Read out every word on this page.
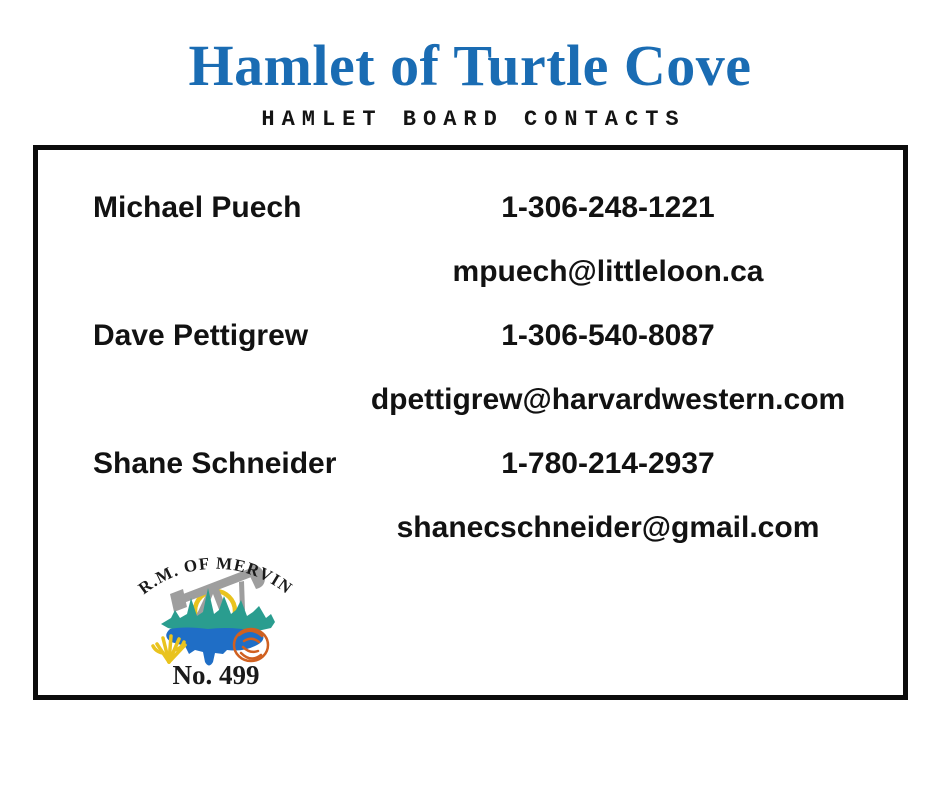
Hamlet of Turtle Cove
HAMLET BOARD CONTACTS
Michael Puech	1-306-248-1221
mpuech@littleloon.ca
Dave Pettigrew	1-306-540-8087
dpettigrew@harvardwestern.com
Shane Schneider	1-780-214-2937
shanecschneider@gmail.com
R.M. OF MERVIN
No. 499
